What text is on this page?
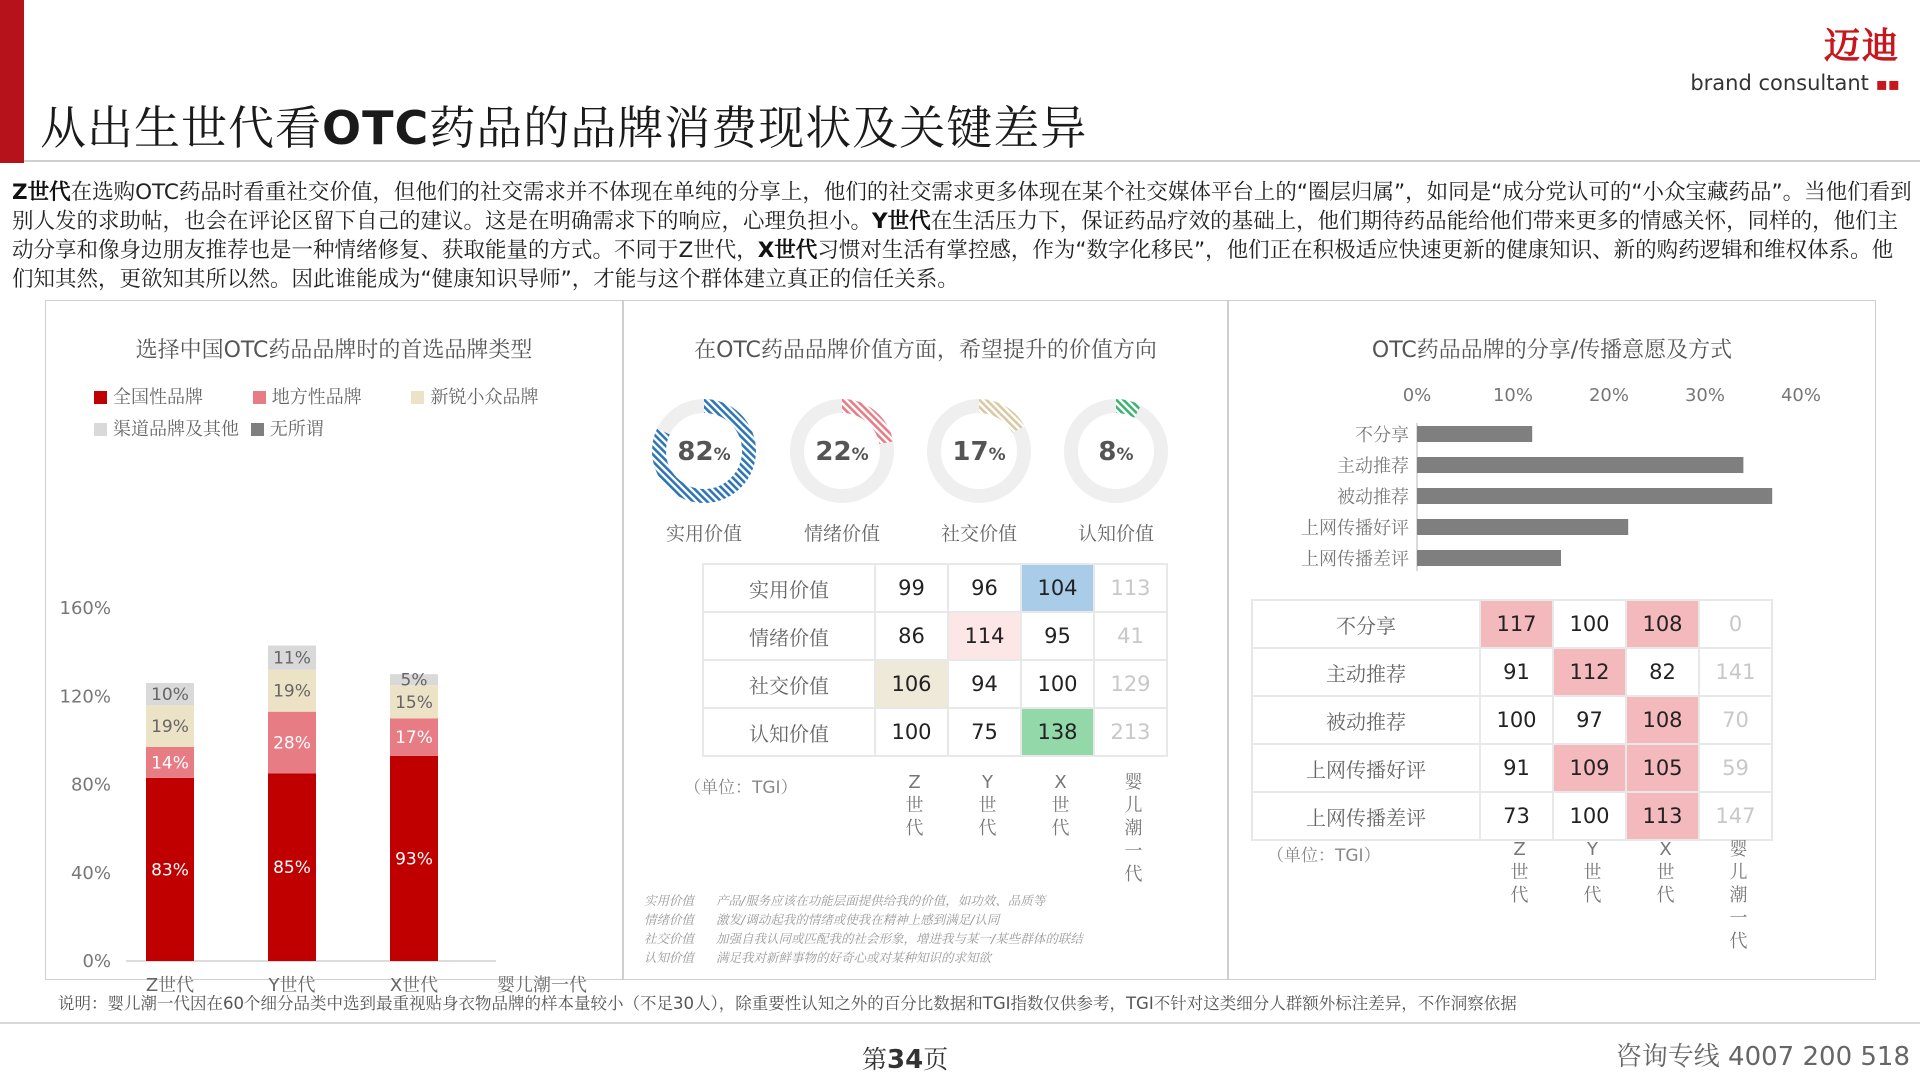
从出生世代看OTC药品的品牌消费现状及关键差异
迈迪
brand consultant ▪▪
Z世代在选购OTC药品时看重社交价值，但他们的社交需求并不体现在单纯的分享上，他们的社交需求更多体现在某个社交媒体平台上的“圈层归属”，如同是“成分党认可的“小众宝藏药品”。当他们看到别人发的求助帖，也会在评论区留下自己的建议。这是在明确需求下的响应，心理负担小。Y世代在生活压力下，保证药品疗效的基础上，他们期待药品能给他们带来更多的情感关怀，同样的，他们主动分享和像身边朋友推荐也是一种情绪修复、获取能量的方式。不同于Z世代，X世代习惯对生活有掌控感，作为“数字化移民”，他们正在积极适应快速更新的健康知识、新的购药逻辑和维权体系。他们知其然，更欲知其所以然。因此谁能成为“健康知识导师”，才能与这个群体建立真正的信任关系。
选择中国OTC药品品牌时的首选品牌类型
全国性品牌	地方性品牌	新锐小众品牌
渠道品牌及其他 无所谓
0%
40%
80%
120%
160%
83%
14%
19%
10%
Z世代
85%
28%
19%
11%
Y世代
93%
17%
15%
5%
X世代	婴儿潮一代
在OTC药品品牌价值方面，希望提升的价值方向
82%
实用价值
22%
情绪价值
17%
社交价值
8%
认知价值
实用价值	99	96	104	113
情绪价值	86	114	95	41
社交价值	106	94	100	129
认知价值	100	75	138	213
（单位：TGI）	Z世代
Y世代
X世代
婴儿潮一代
实用价值 产品/服务应该在功能层面提供给我的价值，如功效、品质等
情绪价值 激发/调动起我的情绪或使我在精神上感到满足/认同
社交价值 加强自我认同或匹配我的社会形象，增进我与某一/某些群体的联结
认知价值 满足我对新鲜事物的好奇心或对某种知识的求知欲
OTC药品品牌的分享/传播意愿及方式
0%	10%	20%	30%	40%
不分享
主动推荐
被动推荐
上网传播好评
上网传播差评
不分享	117	100	108	0
主动推荐	91	112	82	141
被动推荐	100	97	108	70
上网传播好评	91	109	105	59
上网传播差评	73	100	113	147
（单位：TGI）	Z世代
Y世代
X世代
婴儿潮一代
说明：婴儿潮一代因在60个细分品类中选到最重视贴身衣物品牌的样本量较小（不足30人），除重要性认知之外的百分比数据和TGI指数仅供参考，TGI不针对这类细分人群额外标注差异，不作洞察依据
第34页	咨询专线 4007 200 518
